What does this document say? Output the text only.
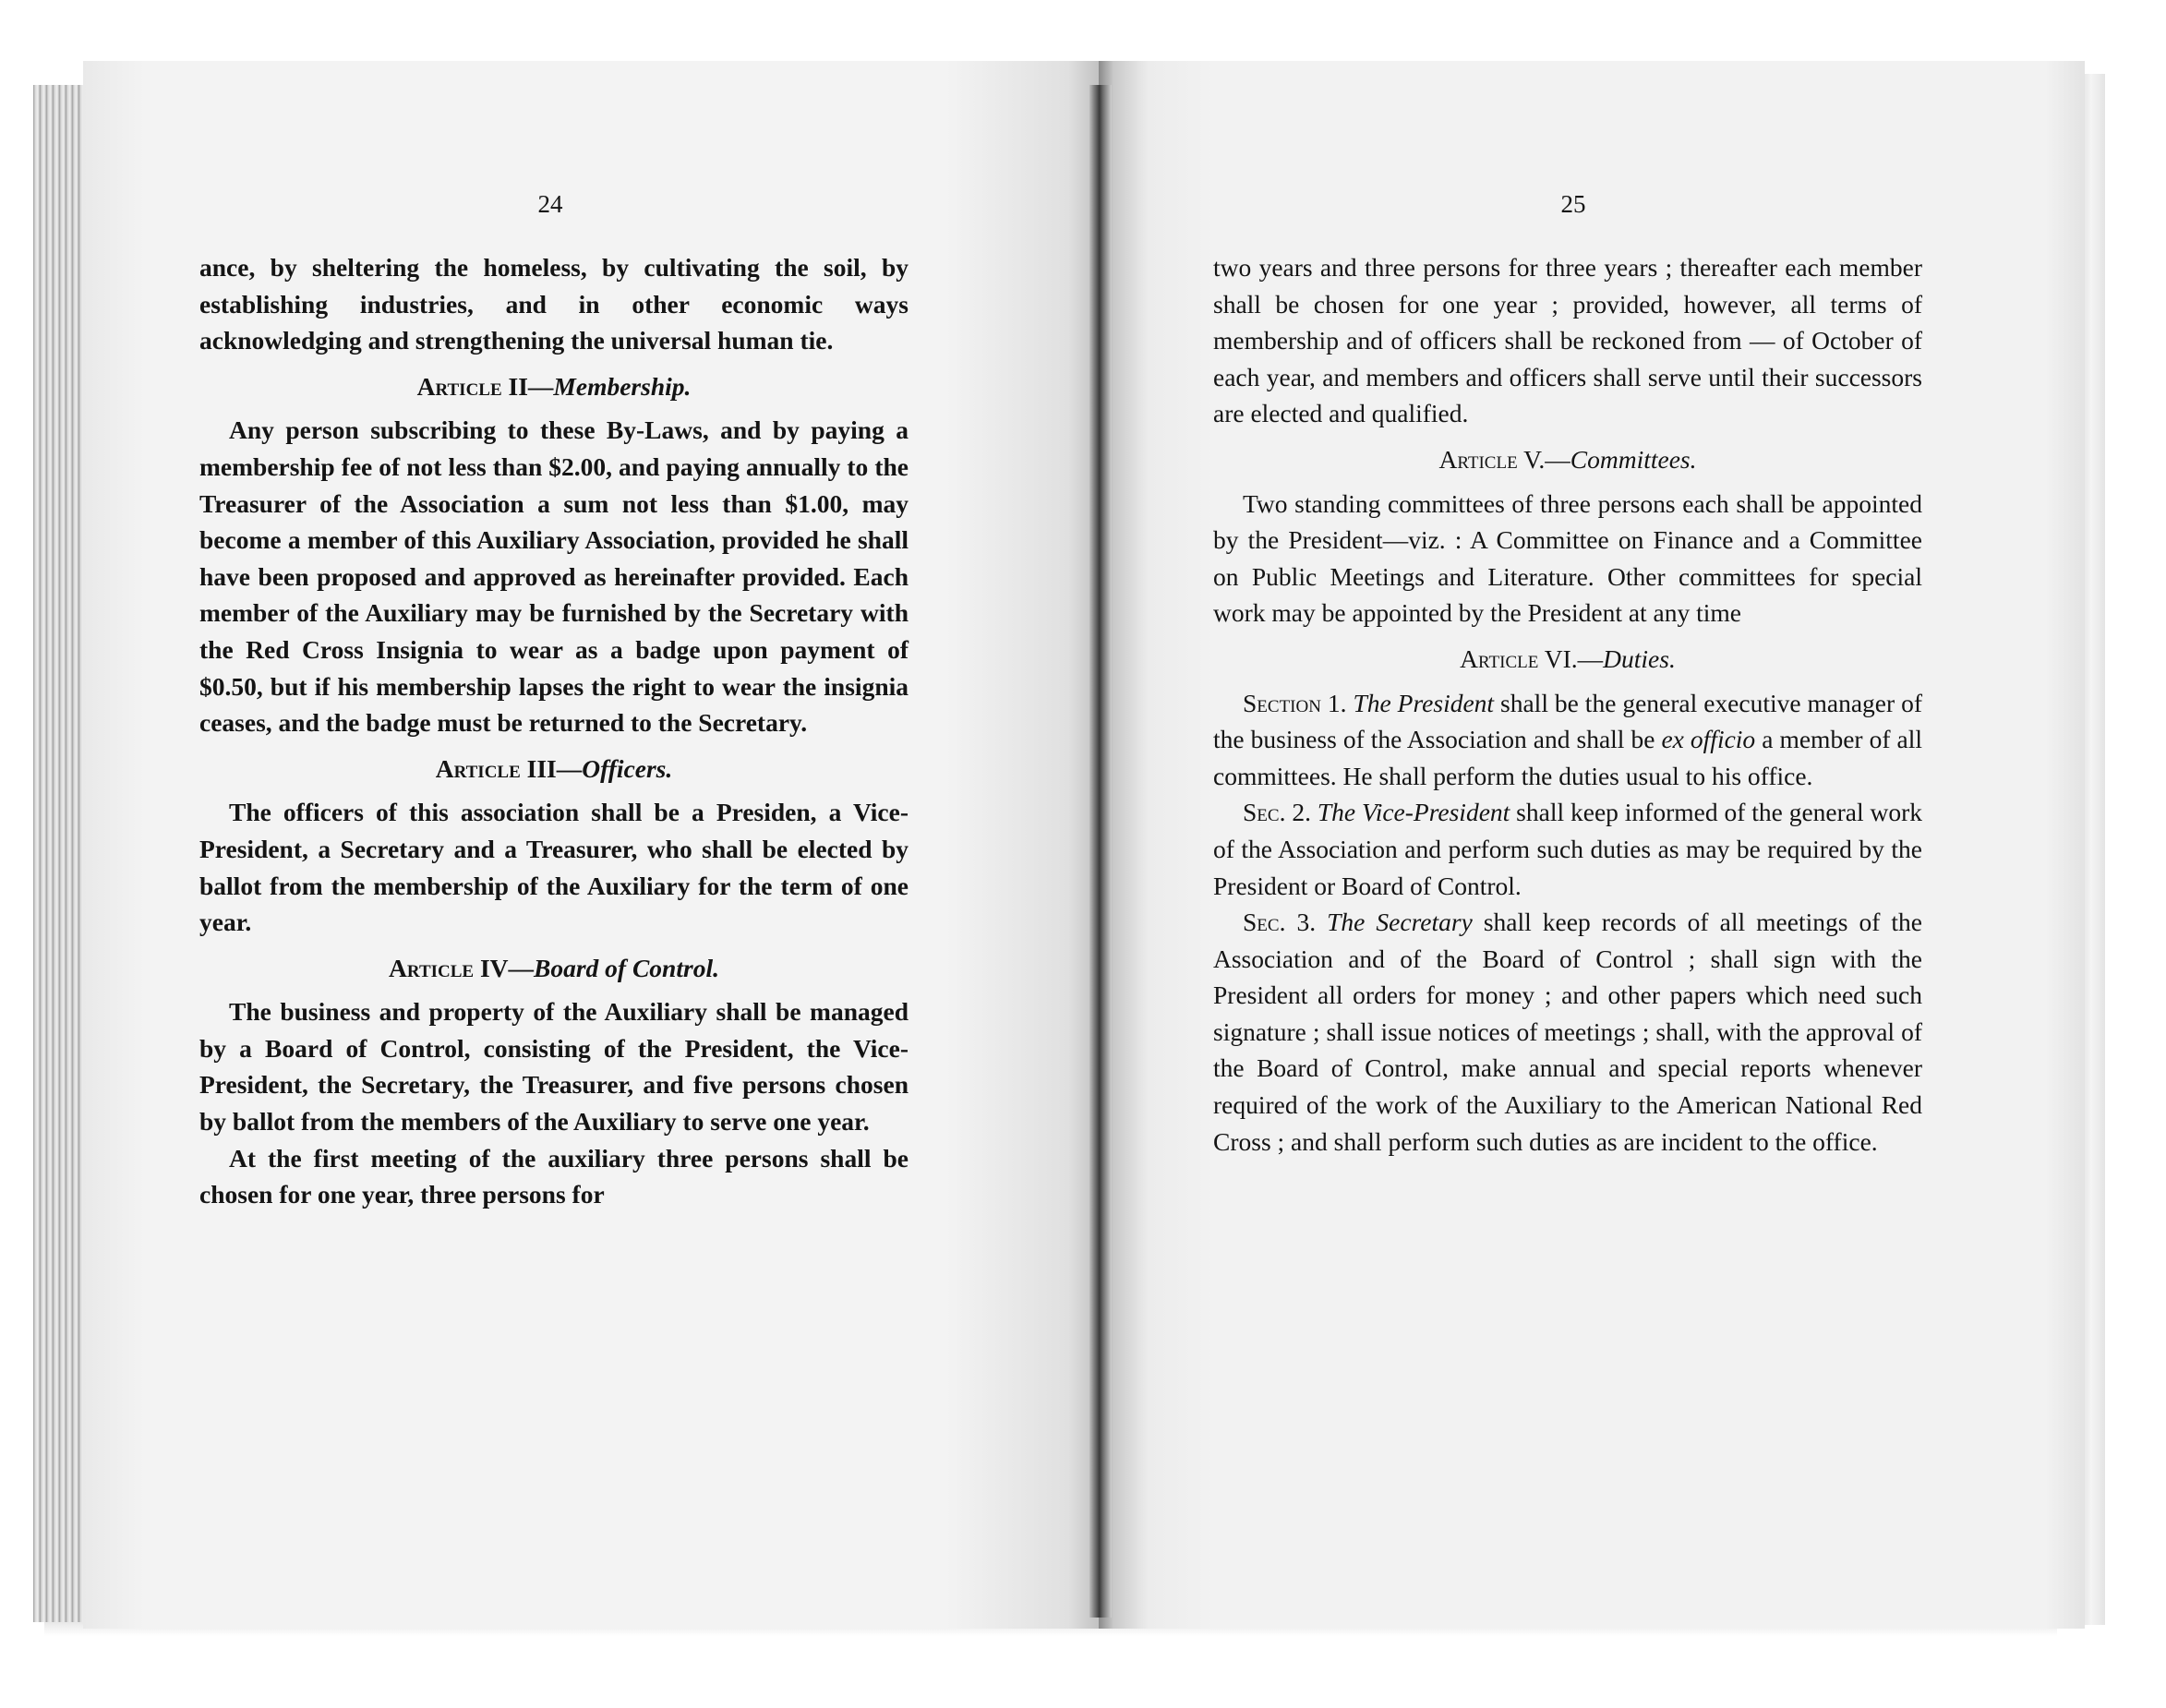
24

ance, by sheltering the homeless, by cultivating the soil, by establishing industries, and in other economic ways acknowledging and strengthening the universal human tie.

Article II—Membership.

Any person subscribing to these By-Laws, and by paying a membership fee of not less than $2.00, and paying annually to the Treasurer of the Association a sum not less than $1.00, may become a member of this Auxiliary Association, provided he shall have been proposed and approved as hereinafter provided. Each member of the Auxiliary may be furnished by the Secretary with the Red Cross Insignia to wear as a badge upon payment of $0.50, but if his membership lapses the right to wear the insignia ceases, and the badge must be returned to the Secretary.

Article III—Officers.

The officers of this association shall be a Presiden, a Vice-President, a Secretary and a Treasurer, who shall be elected by ballot from the membership of the Auxiliary for the term of one year.

Article IV—Board of Control.

The business and property of the Auxiliary shall be managed by a Board of Control, consisting of the President, the Vice-President, the Secretary, the Treasurer, and five persons chosen by ballot from the members of the Auxiliary to serve one year.

At the first meeting of the auxiliary three persons shall be chosen for one year, three persons for

25

two years and three persons for three years ; thereafter each member shall be chosen for one year ; provided, however, all terms of membership and of officers shall be reckoned from — of October of each year, and members and officers shall serve until their successors are elected and qualified.

Article V.—Committees.

Two standing committees of three persons each shall be appointed by the President—viz. : A Committee on Finance and a Committee on Public Meetings and Literature. Other committees for special work may be appointed by the President at any time

Article VI.—Duties.

Section 1. The President shall be the general executive manager of the business of the Association and shall be ex officio a member of all committees. He shall perform the duties usual to his office.

Sec. 2. The Vice-President shall keep informed of the general work of the Association and perform such duties as may be required by the President or Board of Control.

Sec. 3. The Secretary shall keep records of all meetings of the Association and of the Board of Control ; shall sign with the President all orders for money ; and other papers which need such signature ; shall issue notices of meetings ; shall, with the approval of the Board of Control, make annual and special reports whenever required of the work of the Auxiliary to the American National Red Cross ; and shall perform such duties as are incident to the office.
